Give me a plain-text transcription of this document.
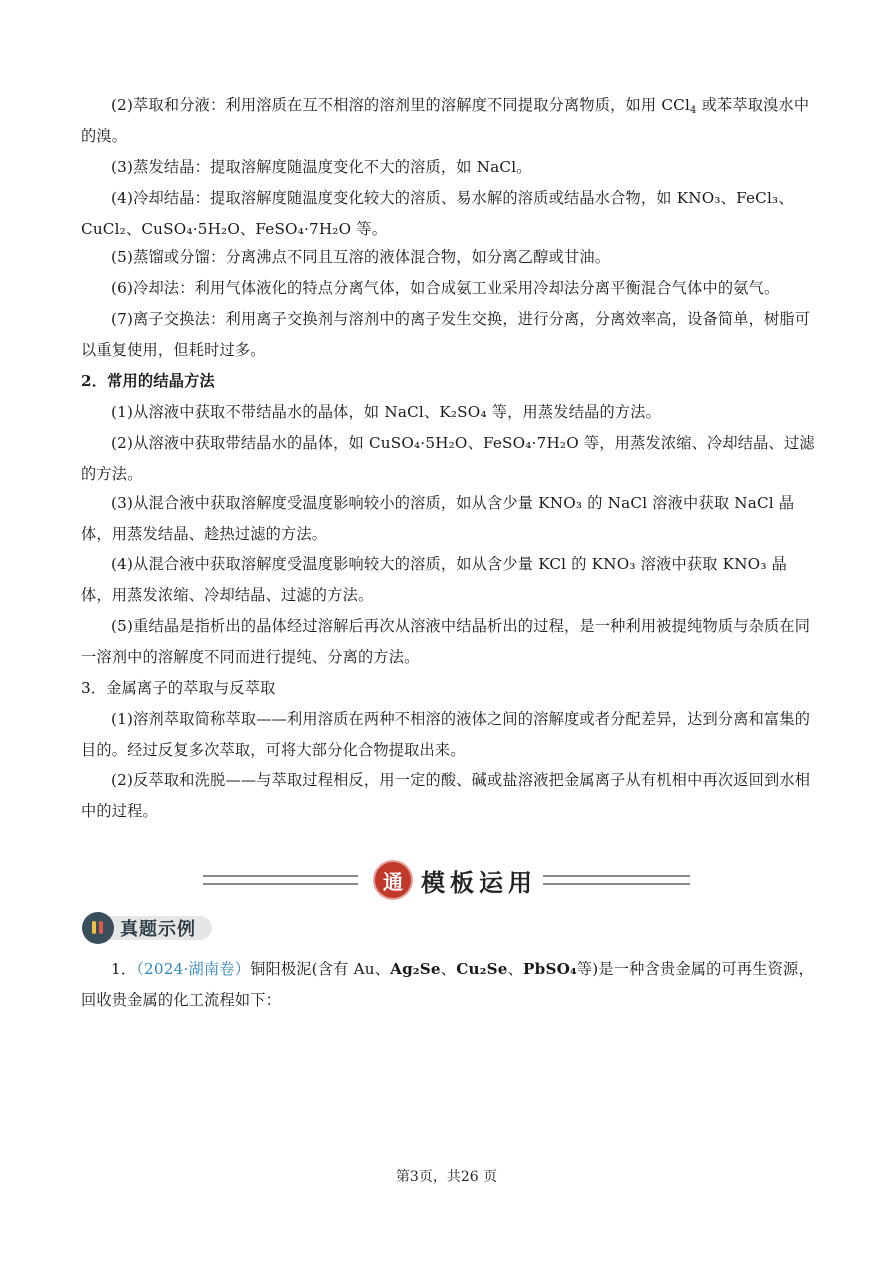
(2)萃取和分液：利用溶质在互不相溶的溶剂里的溶解度不同提取分离物质，如用 CCl$_4$ 或苯萃取溴水中的溴。
(3)蒸发结晶：提取溶解度随温度变化不大的溶质，如 NaCl。
(4)冷却结晶：提取溶解度随温度变化较大的溶质、易水解的溶质或结晶水合物，如 KNO₃、FeCl₃、CuCl₂、CuSO₄·5H₂O、FeSO₄·7H₂O 等。
(5)蒸馏或分馏：分离沸点不同且互溶的液体混合物，如分离乙醇或甘油。
(6)冷却法：利用气体液化的特点分离气体，如合成氨工业采用冷却法分离平衡混合气体中的氨气。
(7)离子交换法：利用离子交换剂与溶剂中的离子发生交换，进行分离，分离效率高，设备简单，树脂可以重复使用，但耗时过多。
2．常用的结晶方法
(1)从溶液中获取不带结晶水的晶体，如 NaCl、K₂SO₄ 等，用蒸发结晶的方法。
(2)从溶液中获取带结晶水的晶体，如 CuSO₄·5H₂O、FeSO₄·7H₂O 等，用蒸发浓缩、冷却结晶、过滤的方法。
(3)从混合液中获取溶解度受温度影响较小的溶质，如从含少量 KNO₃ 的 NaCl 溶液中获取 NaCl 晶体，用蒸发结晶、趁热过滤的方法。
(4)从混合液中获取溶解度受温度影响较大的溶质，如从含少量 KCl 的 KNO₃ 溶液中获取 KNO₃ 晶体，用蒸发浓缩、冷却结晶、过滤的方法。
(5)重结晶是指析出的晶体经过溶解后再次从溶液中结晶析出的过程，是一种利用被提纯物质与杂质在同一溶剂中的溶解度不同而进行提纯、分离的方法。
3．金属离子的萃取与反萃取
(1)溶剂萃取简称萃取——利用溶质在两种不相溶的液体之间的溶解度或者分配差异，达到分离和富集的目的。经过反复多次萃取，可将大部分化合物提取出来。
(2)反萃取和洗脱——与萃取过程相反，用一定的酸、碱或盐溶液把金属离子从有机相中再次返回到水相中的过程。
通 模板运用
真题示例
1．（2024·湖南卷）铜阳极泥(含有 Au、Ag₂Se、Cu₂Se、PbSO₄等)是一种含贵金属的可再生资源，回收贵金属的化工流程如下：
第3页，共26 页
